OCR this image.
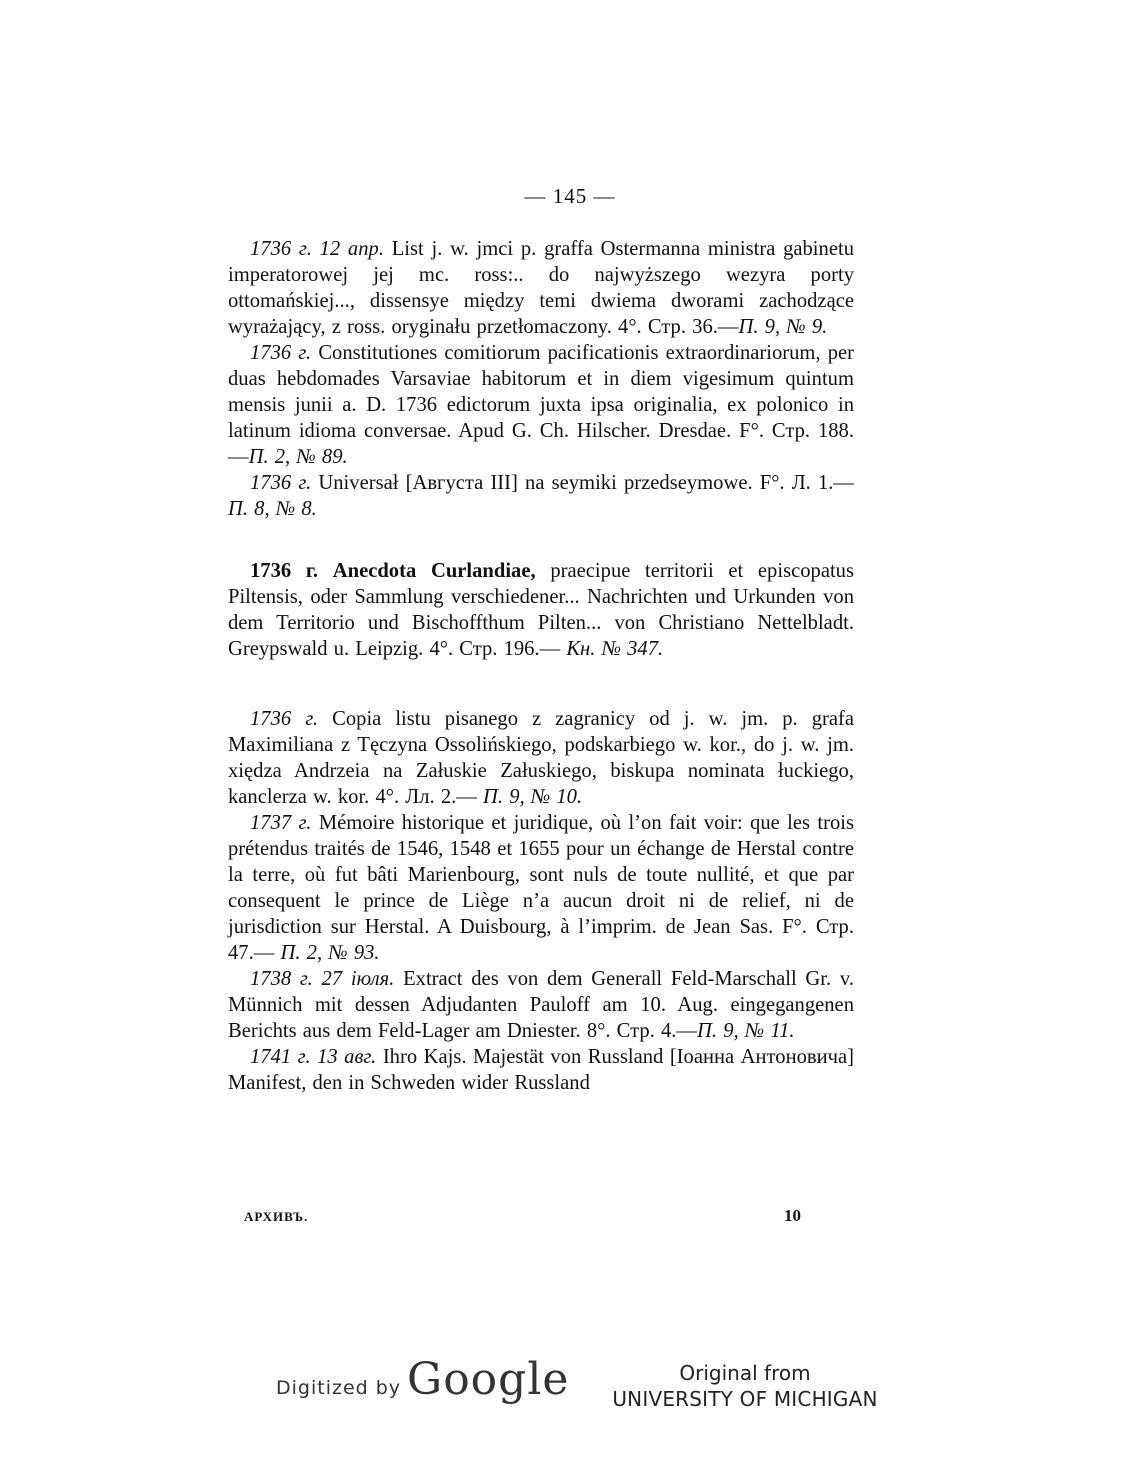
— 145 —

1736 г. 12 апр. List j. w. jmci p. graffa Ostermanna ministra gabinetu imperatorowej jej mc. ross:.. do najwyższego wezyra porty ottomańskiej..., dissensye między temi dwiema dworami zachodzące wyrażający, z ross. oryginału przetłomaczony. 4°. Стр. 36.—П. 9, № 9.

1736 г. Constitutiones comitiorum pacificationis extraordinariorum, per duas hebdomades Varsaviae habitorum et in diem vigesimum quintum mensis junii a. D. 1736 edictorum juxta ipsa originalia, ex polonico in latinum idioma conversae. Apud G. Ch. Hilscher. Dresdae. F°. Стр. 188.—П. 2, № 89.

1736 г. Universał [Августа III] na seymiki przedseymowe. F°. Л. 1.—П. 8, № 8.

1736 г. Anecdota Curlandiae, praecipue territorii et episcopatus Piltensis, oder Sammlung verschiedener... Nachrichten und Urkunden von dem Territorio und Bischoffthum Pilten... von Christiano Nettelbladt. Greypswald u. Leipzig. 4°. Стр. 196.— Кн. № 347.

1736 г. Copia listu pisanego z zagranicy od j. w. jm. p. grafa Maximiliana z Tęczyna Ossolińskiego, podskarbiego w. kor., do j. w. jm. xiędza Andrzeia na Załuskie Załuskiego, biskupa nominata łuckiego, kanclerza w. kor. 4°. Лл. 2.— П. 9, № 10.

1737 г. Mémoire historique et juridique, où l’on fait voir: que les trois prétendus traités de 1546, 1548 et 1655 pour un échange de Herstal contre la terre, où fut bâti Marienbourg, sont nuls de toute nullité, et que par consequent le prince de Liège n’a aucun droit ni de relief, ni de jurisdiction sur Herstal. A Duisbourg, à l’imprim. de Jean Sas. F°. Стр. 47.— П. 2, № 93.

1738 г. 27 іюля. Extract des von dem Generall Feld-Marschall Gr. v. Münnich mit dessen Adjudanten Pauloff am 10. Aug. eingegangenen Berichts aus dem Feld-Lager am Dniester. 8°. Стр. 4.—П. 9, № 11.

1741 г. 13 авг. Ihro Kajs. Majestät von Russland [Іоанна Антоновича] Manifest, den in Schweden wider Russland

АРХИВЪ.	10
Digitized by Google	Original from
UNIVERSITY OF MICHIGAN
